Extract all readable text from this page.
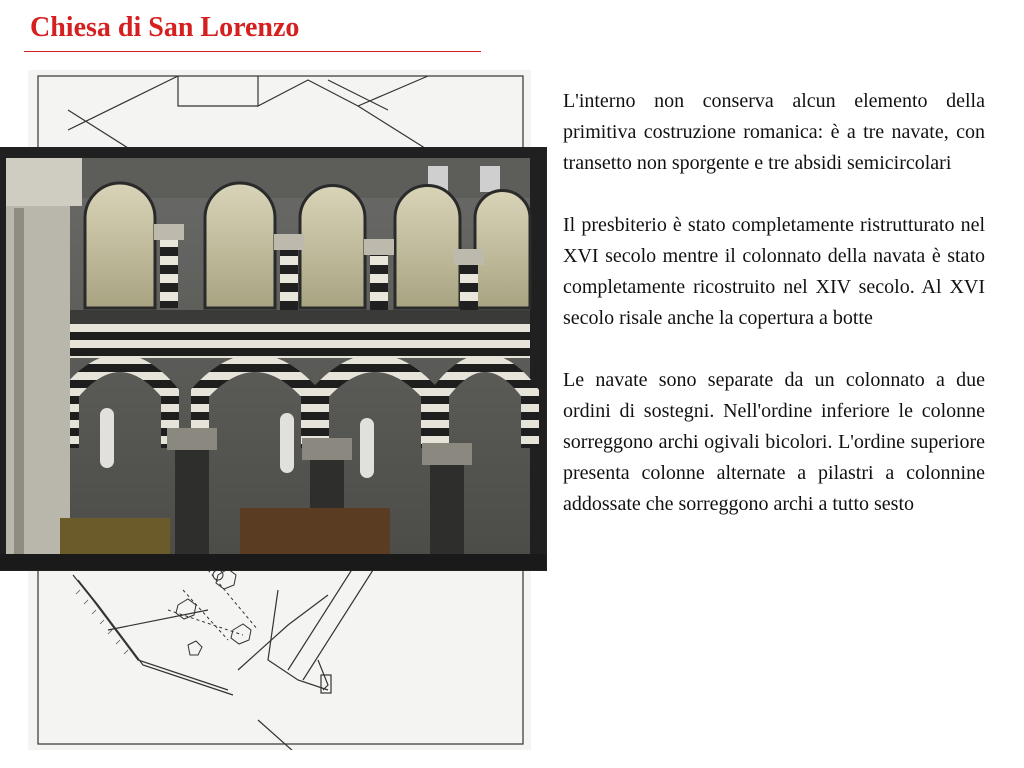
Chiesa di San Lorenzo

L'interno non conserva alcun elemento della primitiva costruzione romanica: è a tre navate, con transetto non sporgente e tre absidi semicircolari

Il presbiterio è stato completamente ristrutturato nel XVI secolo mentre il colonnato della navata è stato completamente ricostruito nel XIV secolo. Al XVI secolo risale anche la copertura a botte

Le navate sono separate da un colonnato a due ordini di sostegni. Nell'ordine inferiore le colonne sorreggono archi ogivali bicolori. L'ordine superiore presenta colonne alternate a pilastri a colonnine addossate che sorreggono archi a tutto sesto
